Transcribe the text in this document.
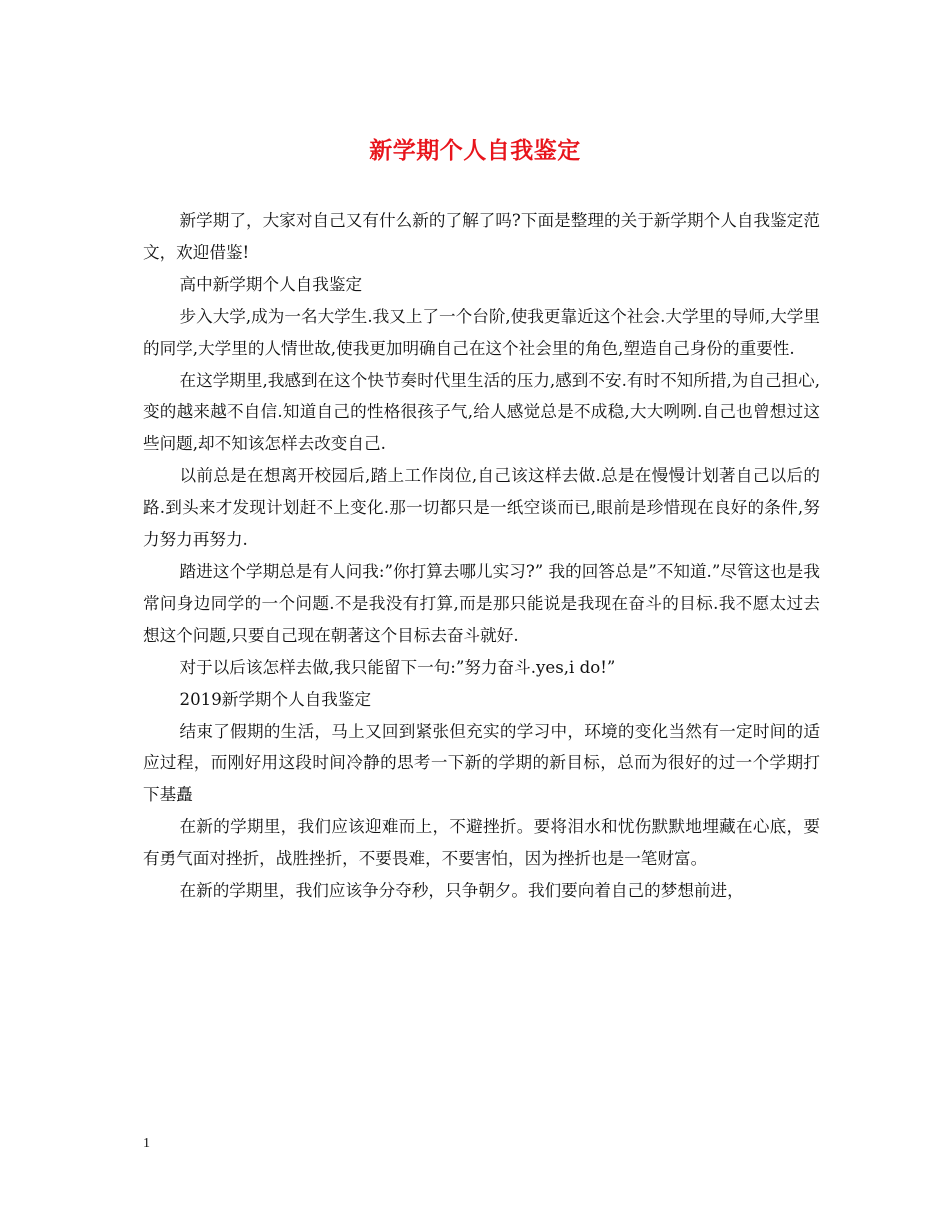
新学期个人自我鉴定

新学期了，大家对自己又有什么新的了解了吗?下面是整理的关于新学期个人自我鉴定范文，欢迎借鉴!

高中新学期个人自我鉴定

步入大学,成为一名大学生.我又上了一个台阶,使我更靠近这个社会.大学里的导师,大学里的同学,大学里的人情世故,使我更加明确自己在这个社会里的角色,塑造自己身份的重要性.

在这学期里,我感到在这个快节奏时代里生活的压力,感到不安.有时不知所措,为自己担心,变的越来越不自信.知道自己的性格很孩子气,给人感觉总是不成稳,大大咧咧.自己也曾想过这些问题,却不知该怎样去改变自己.

以前总是在想离开校园后,踏上工作岗位,自己该这样去做.总是在慢慢计划著自己以后的路.到头来才发现计划赶不上变化.那一切都只是一纸空谈而已,眼前是珍惜现在良好的条件,努力努力再努力.

踏进这个学期总是有人问我:”你打算去哪儿实习?” 我的回答总是”不知道.”尽管这也是我常问身边同学的一个问题.不是我没有打算,而是那只能说是我现在奋斗的目标.我不愿太过去想这个问题,只要自己现在朝著这个目标去奋斗就好.

对于以后该怎样去做,我只能留下一句:”努力奋斗.yes,i do!”

2019新学期个人自我鉴定

结束了假期的生活，马上又回到紧张但充实的学习中，环境的变化当然有一定时间的适应过程，而刚好用这段时间冷静的思考一下新的学期的新目标，总而为很好的过一个学期打下基矗

在新的学期里，我们应该迎难而上，不避挫折。要将泪水和忧伤默默地埋藏在心底，要有勇气面对挫折，战胜挫折，不要畏难，不要害怕，因为挫折也是一笔财富。

在新的学期里，我们应该争分夺秒，只争朝夕。我们要向着自己的梦想前进，

1
